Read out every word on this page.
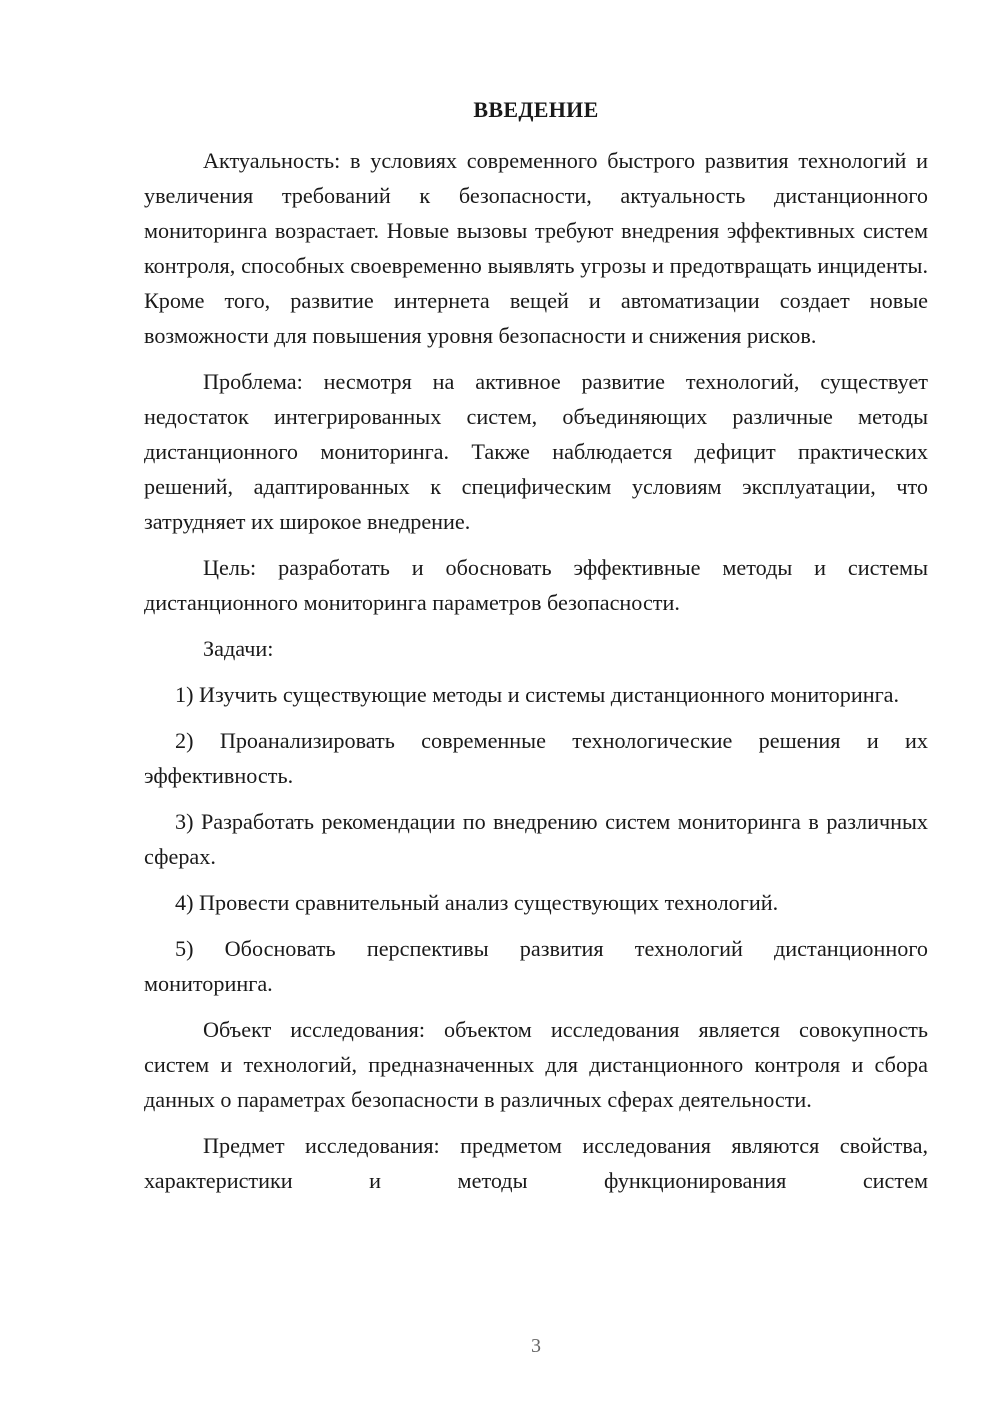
ВВЕДЕНИЕ

Актуальность: в условиях современного быстрого развития технологий и увеличения требований к безопасности, актуальность дистанционного мониторинга возрастает. Новые вызовы требуют внедрения эффективных систем контроля, способных своевременно выявлять угрозы и предотвращать инциденты. Кроме того, развитие интернета вещей и автоматизации создает новые возможности для повышения уровня безопасности и снижения рисков.

Проблема: несмотря на активное развитие технологий, существует недостаток интегрированных систем, объединяющих различные методы дистанционного мониторинга. Также наблюдается дефицит практических решений, адаптированных к специфическим условиям эксплуатации, что затрудняет их широкое внедрение.

Цель: разработать и обосновать эффективные методы и системы дистанционного мониторинга параметров безопасности.

Задачи:

1) Изучить существующие методы и системы дистанционного мониторинга.

2) Проанализировать современные технологические решения и их эффективность.

3) Разработать рекомендации по внедрению систем мониторинга в различных сферах.

4) Провести сравнительный анализ существующих технологий.

5) Обосновать перспективы развития технологий дистанционного мониторинга.

Объект исследования: объектом исследования является совокупность систем и технологий, предназначенных для дистанционного контроля и сбора данных о параметрах безопасности в различных сферах деятельности.

Предмет исследования: предметом исследования являются свойства, характеристики и методы функционирования систем

3
